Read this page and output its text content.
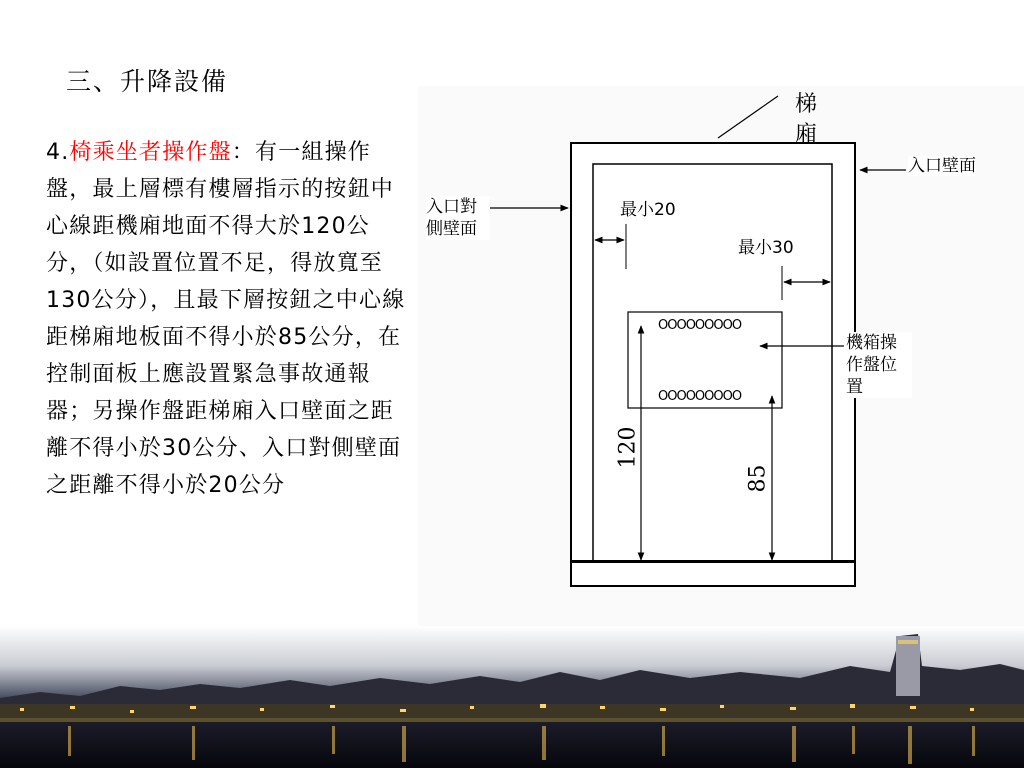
三、升降設備
4.椅乘坐者操作盤：有一組操作盤，最上層標有樓層指示的按鈕中心線距機廂地面不得大於120公分，（如設置位置不足，得放寬至130公分），且最下層按鈕之中心線距梯廂地板面不得小於85公分，在控制面板上應設置緊急事故通報器；另操作盤距梯廂入口壁面之距離不得小於30公分、入口對側壁面之距離不得小於20公分
OOOOOOOOO
OOOOOOOOO
梯廂
入口壁面
入口對側壁面
最小20
最小30
機箱操作盤位置
120
85
